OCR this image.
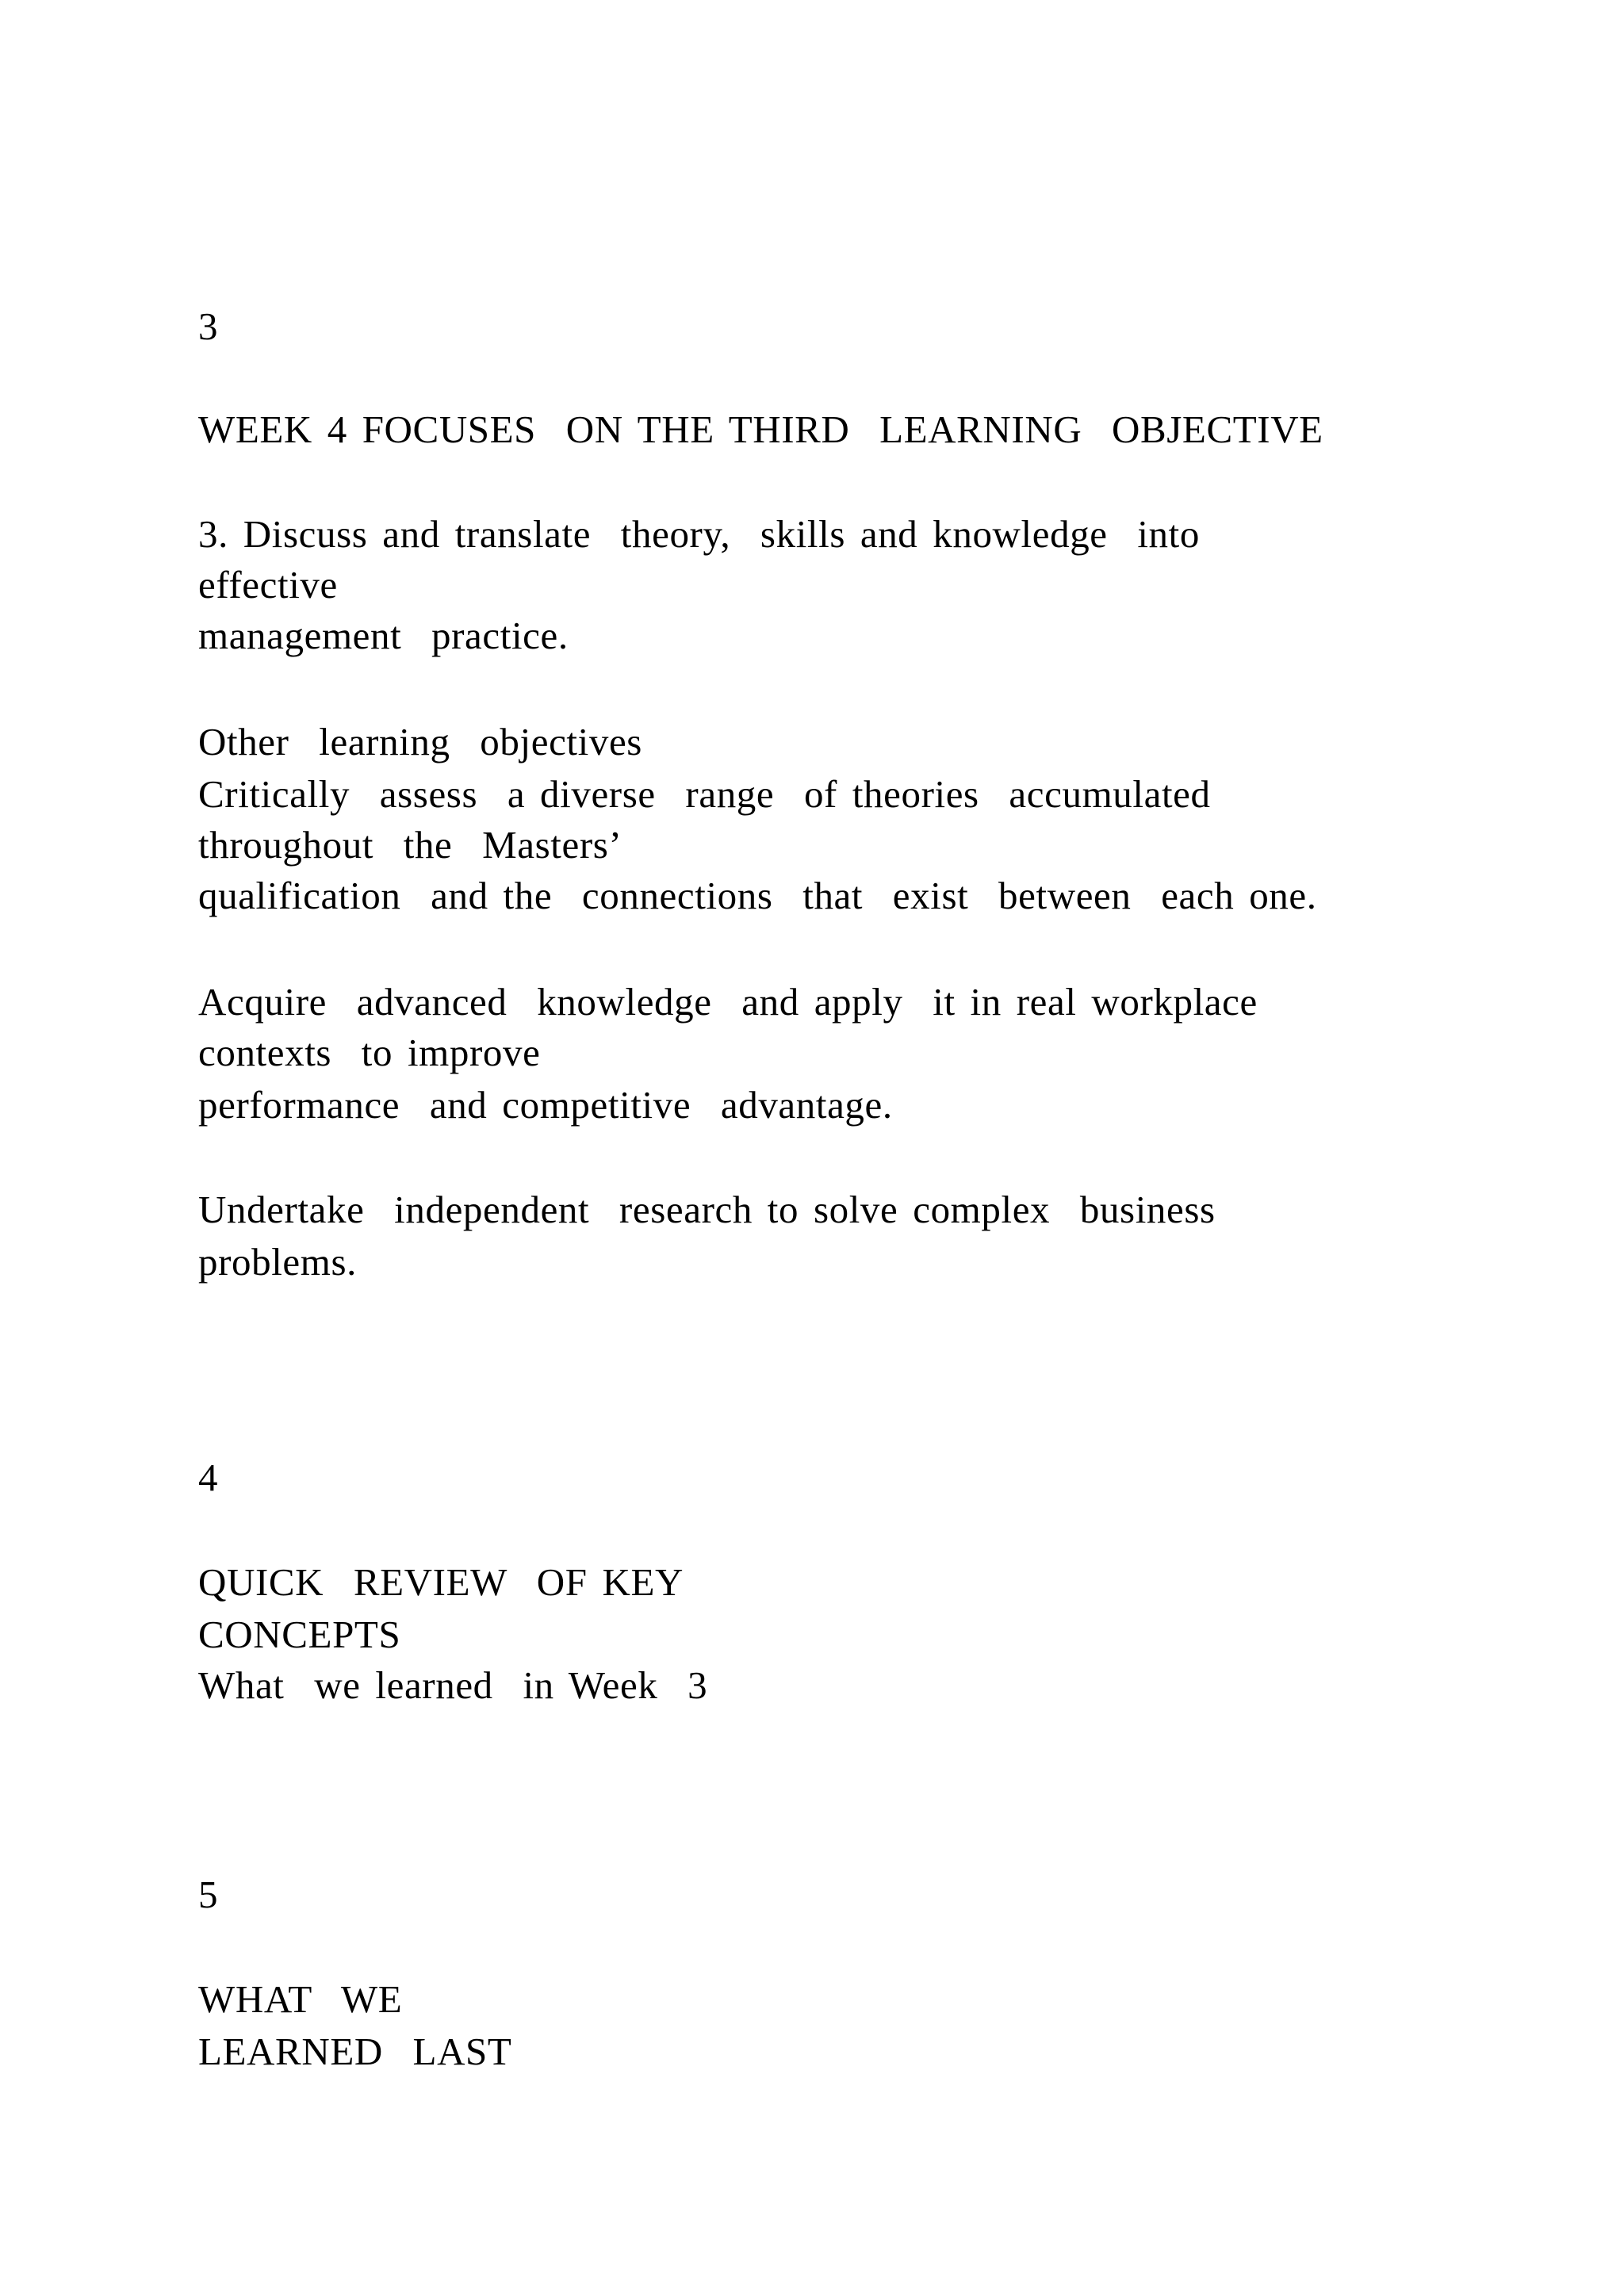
3
WEEK 4 FOCUSES  ON THE THIRD  LEARNING  OBJECTIVE
3. Discuss and translate  theory,  skills and knowledge  into
effective
management  practice.
Other  learning  objectives
Critically  assess  a diverse  range  of theories  accumulated
throughout  the  Masters’
qualification  and the  connections  that  exist  between  each one.
Acquire  advanced  knowledge  and apply  it in real workplace
contexts  to improve
performance  and competitive  advantage.
Undertake  independent  research to solve complex  business
problems.
4
QUICK  REVIEW  OF KEY
CONCEPTS
What  we learned  in Week  3
5
WHAT  WE
LEARNED  LAST
